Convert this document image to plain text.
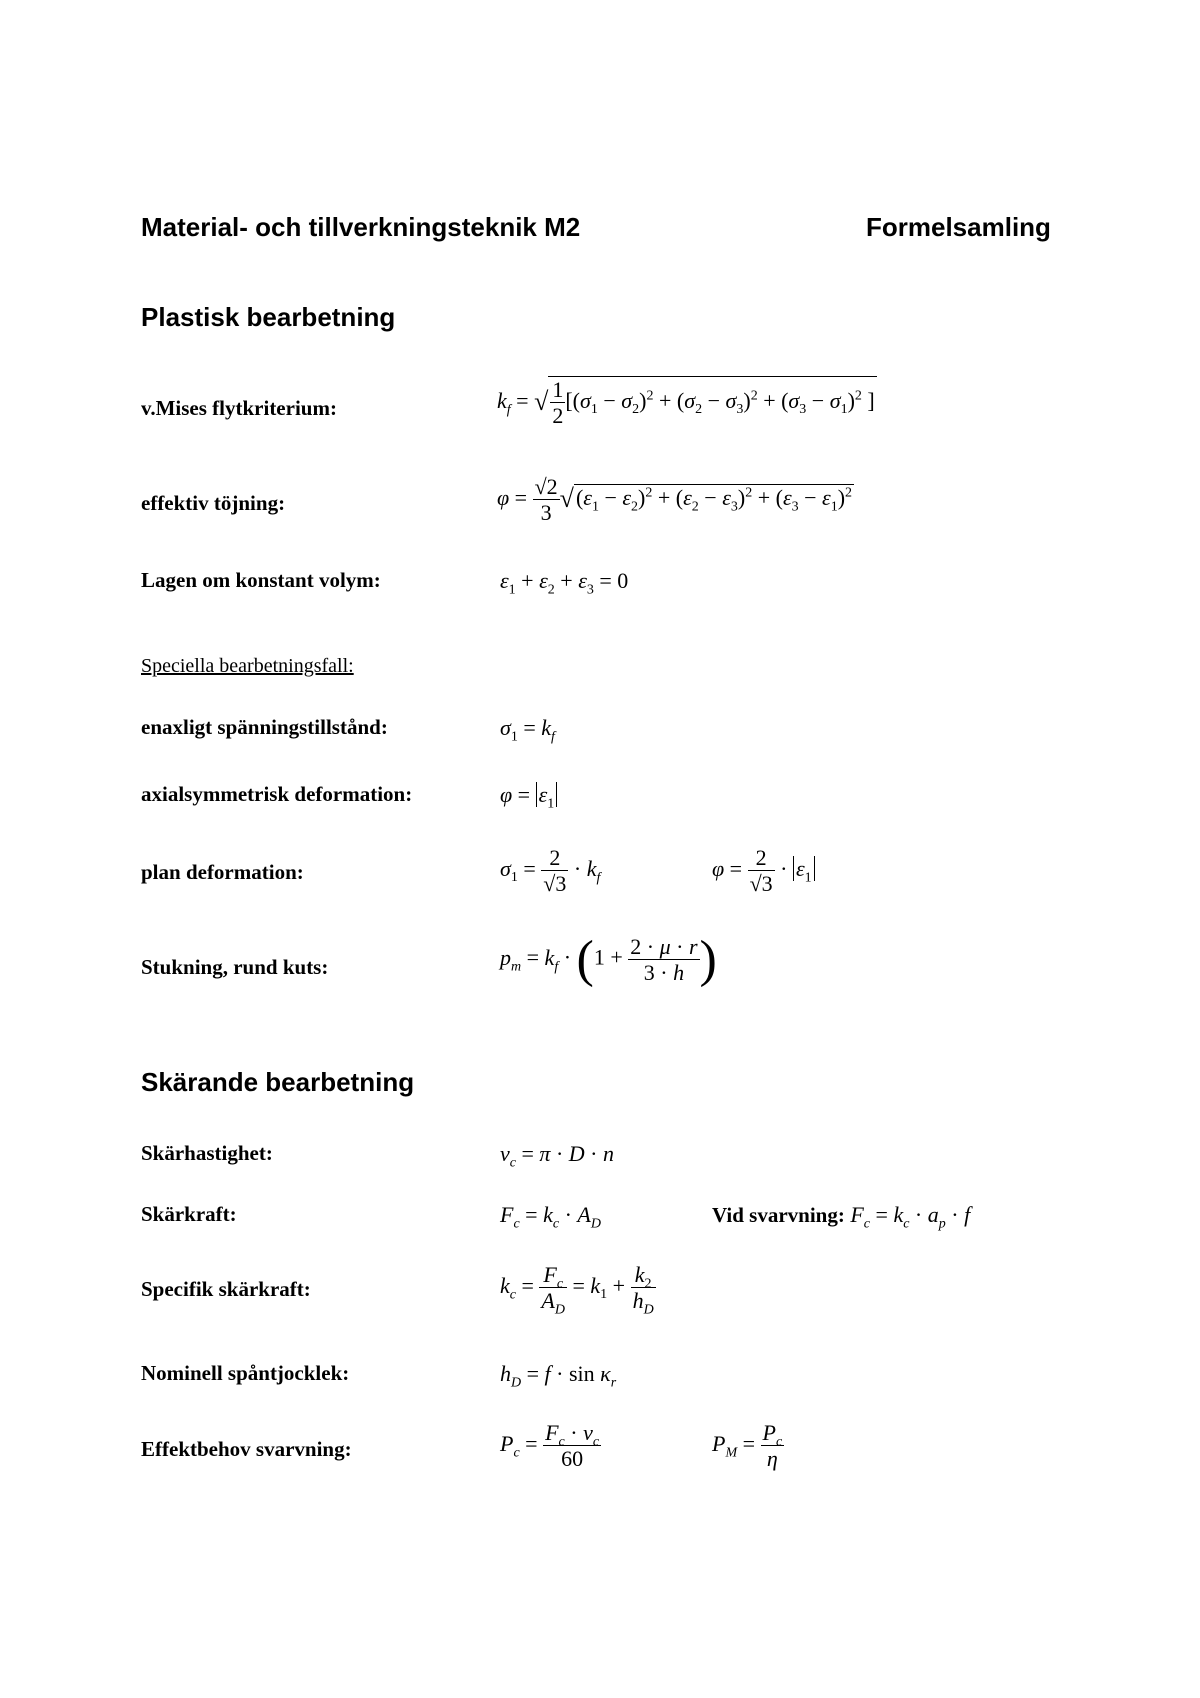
Material- och tillverkningsteknik M2	Formelsamling
Plastisk bearbetning
v.Mises flytkriterium:	$k_f$ = √ $\frac{1}{2} [(\sigma_1 - \sigma_2)^2 + (\sigma_2 - \sigma_3)^2 + (\sigma_3 - \sigma_1)^2$ ]
effektiv töjning:	$\varphi = \frac{√2}{3} √(\varepsilon_1 - \varepsilon_2)^2 + (\varepsilon_2 - \varepsilon_3)^2 + (\varepsilon_3 - \varepsilon_1)^2$
Lagen om konstant volym:	$\varepsilon_1 + \varepsilon_2 + \varepsilon_3 = 0$
Speciella bearbetningsfall:
enaxligt spänningstillstånd:	$\sigma_1 = k_f$
axialsymmetrisk deformation:	$\varphi = \varepsilon_1$
plan deformation:	$\sigma_1 = \frac{2}{√3} \cdot k_f$	$\varphi = \frac{2}{√3} \cdot \varepsilon_1$
Stukning, rund kuts:	$p_m = k_f \cdot (1 + \frac{2 \cdot \mu \cdot r}{3 \cdot h}$ )
Skärande bearbetning
Skärhastighet:	$v_c = \pi \cdot D \cdot n$
Skärkraft:	$F_c = k_c \cdot A_D$	Vid svarvning: $F_c = k_c \cdot a_p \cdot f$
Specifik skärkraft:	$k_c = \frac{F_c}{A_D} = k_1 + \frac{k_2}{h_D}$
Nominell spåntjocklek:	$h_D = f \cdot \sin \kappa_r$
Effektbehov svarvning:	$P_c = \frac{F_c \cdot v_c}{60}$	$P_M = \frac{P_c}{\eta}$
